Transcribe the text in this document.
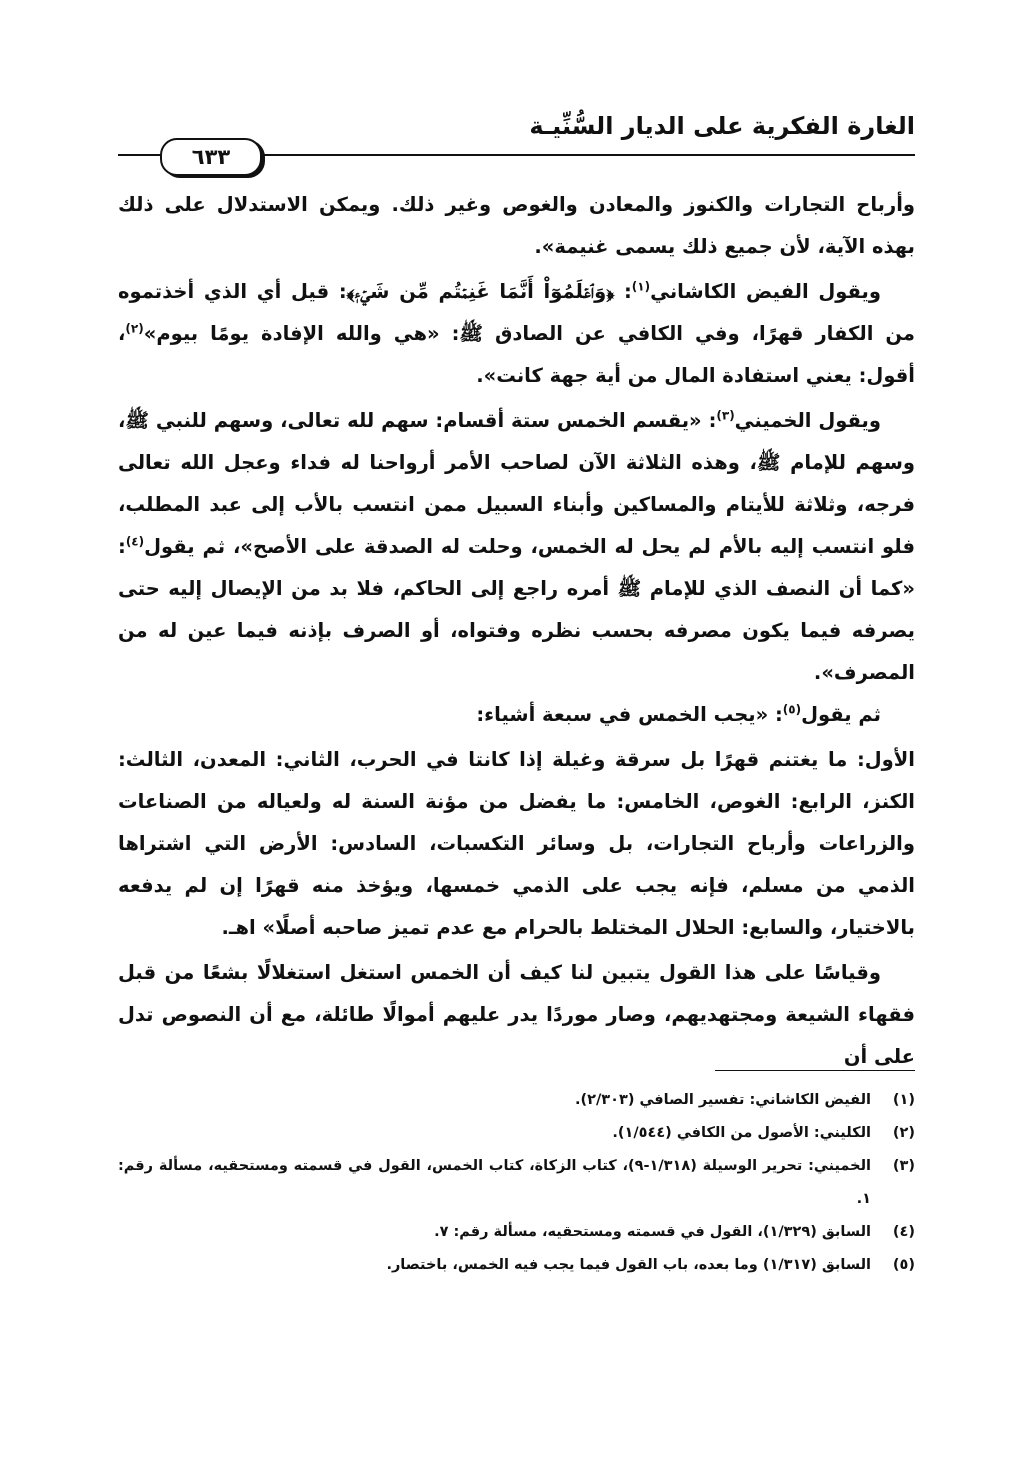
الغارة الفكرية على الديار السُّنِّيـة
٦٣٣

وأرباح التجارات والكنوز والمعادن والغوص وغير ذلك. ويمكن الاستدلال على ذلك بهذه الآية، لأن جميع ذلك يسمى غنيمة».

ويقول الفيض الكاشاني$^{(١)}$: ﴿وَٱعۡلَمُوٓاْ أَنَّمَا غَنِمۡتُم مِّن شَيۡءٖ﴾: قيل أي الذي أخذتموه من الكفار قهرًا، وفي الكافي عن الصادق ﷺ: «هي والله الإفادة يومًا بيوم»$^{(٢)}$، أقول: يعني استفادة المال من أية جهة كانت».

ويقول الخميني$^{(٣)}$: «يقسم الخمس ستة أقسام: سهم لله تعالى، وسهم للنبي ﷺ، وسهم للإمام ﷺ، وهذه الثلاثة الآن لصاحب الأمر أرواحنا له فداء وعجل الله تعالى فرجه، وثلاثة للأيتام والمساكين وأبناء السبيل ممن انتسب بالأب إلى عبد المطلب، فلو انتسب إليه بالأم لم يحل له الخمس، وحلت له الصدقة على الأصح»، ثم يقول$^{(٤)}$: «كما أن النصف الذي للإمام ﷺ أمره راجع إلى الحاكم، فلا بد من الإيصال إليه حتى يصرفه فيما يكون مصرفه بحسب نظره وفتواه، أو الصرف بإذنه فيما عين له من المصرف».

ثم يقول$^{(٥)}$: «يجب الخمس في سبعة أشياء:

الأول: ما يغتنم قهرًا بل سرقة وغيلة إذا كانتا في الحرب، الثاني: المعدن، الثالث: الكنز، الرابع: الغوص، الخامس: ما يفضل من مؤنة السنة له ولعياله من الصناعات والزراعات وأرباح التجارات، بل وسائر التكسبات، السادس: الأرض التي اشتراها الذمي من مسلم، فإنه يجب على الذمي خمسها، ويؤخذ منه قهرًا إن لم يدفعه بالاختيار، والسابع: الحلال المختلط بالحرام مع عدم تميز صاحبه أصلًا» اهـ.

وقياسًا على هذا القول يتبين لنا كيف أن الخمس استغل استغلالًا بشعًا من قبل فقهاء الشيعة ومجتهديهم، وصار موردًا يدر عليهم أموالًا طائلة، مع أن النصوص تدل على أن

(١)
الفيض الكاشاني: تفسير الصافي (٢/٣٠٣).
(٢)
الكليني: الأصول من الكافي (١/٥٤٤).
(٣)
الخميني: تحرير الوسيلة (١/٣١٨-٩)، كتاب الزكاة، كتاب الخمس، القول في قسمته ومستحقيه، مسألة رقم: ١.
(٤)
السابق (١/٣٢٩)، القول في قسمته ومستحقيه، مسألة رقم: ٧.
(٥)
السابق (١/٣١٧) وما بعده، باب القول فيما يجب فيه الخمس، باختصار.
